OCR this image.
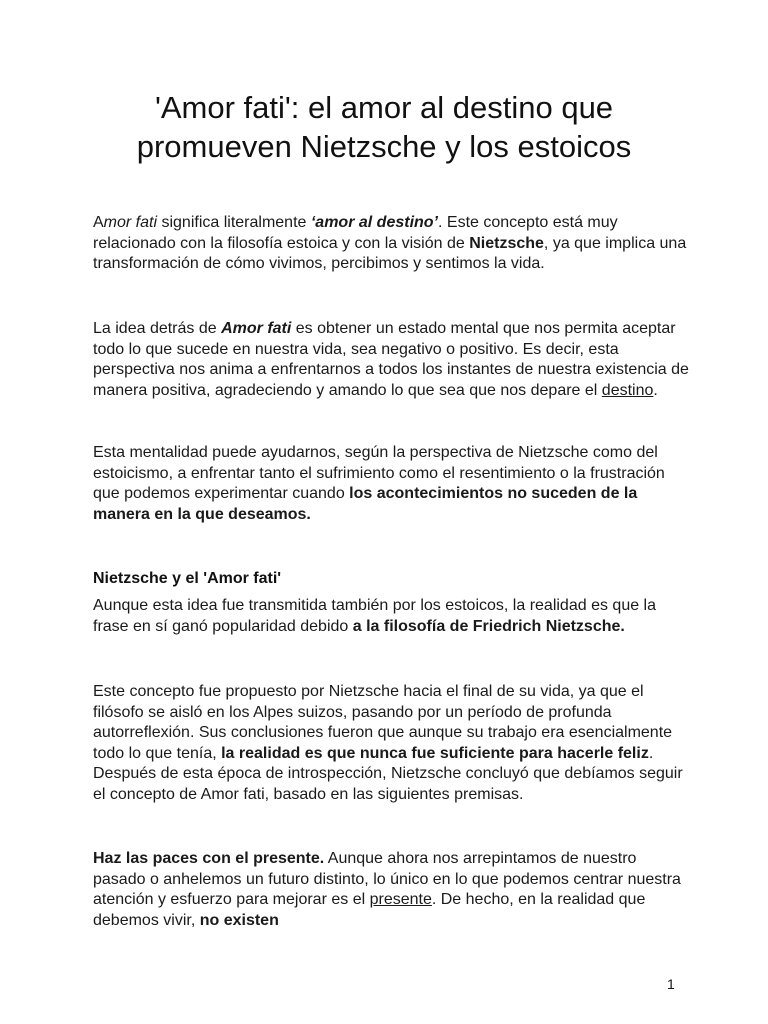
'Amor fati': el amor al destino que
promueven Nietzsche y los estoicos

Amor fati significa literalmente ‘amor al destino’. Este concepto está muy relacionado con la filosofía estoica y con la visión de Nietzsche, ya que implica una transformación de cómo vivimos, percibimos y sentimos la vida.

La idea detrás de Amor fati es obtener un estado mental que nos permita aceptar todo lo que sucede en nuestra vida, sea negativo o positivo. Es decir, esta perspectiva nos anima a enfrentarnos a todos los instantes de nuestra existencia de manera positiva, agradeciendo y amando lo que sea que nos depare el destino.

Esta mentalidad puede ayudarnos, según la perspectiva de Nietzsche como del estoicismo, a enfrentar tanto el sufrimiento como el resentimiento o la frustración que podemos experimentar cuando los acontecimientos no suceden de la manera en la que deseamos.

Nietzsche y el 'Amor fati'

Aunque esta idea fue transmitida también por los estoicos, la realidad es que la frase en sí ganó popularidad debido a la filosofía de Friedrich Nietzsche.

Este concepto fue propuesto por Nietzsche hacia el final de su vida, ya que el filósofo se aisló en los Alpes suizos, pasando por un período de profunda autorreflexión. Sus conclusiones fueron que aunque su trabajo era esencialmente todo lo que tenía, la realidad es que nunca fue suficiente para hacerle feliz. Después de esta época de introspección, Nietzsche concluyó que debíamos seguir el concepto de Amor fati, basado en las siguientes premisas.

Haz las paces con el presente. Aunque ahora nos arrepintamos de nuestro pasado o anhelemos un futuro distinto, lo único en lo que podemos centrar nuestra atención y esfuerzo para mejorar es el presente. De hecho, en la realidad que debemos vivir, no existen

1
